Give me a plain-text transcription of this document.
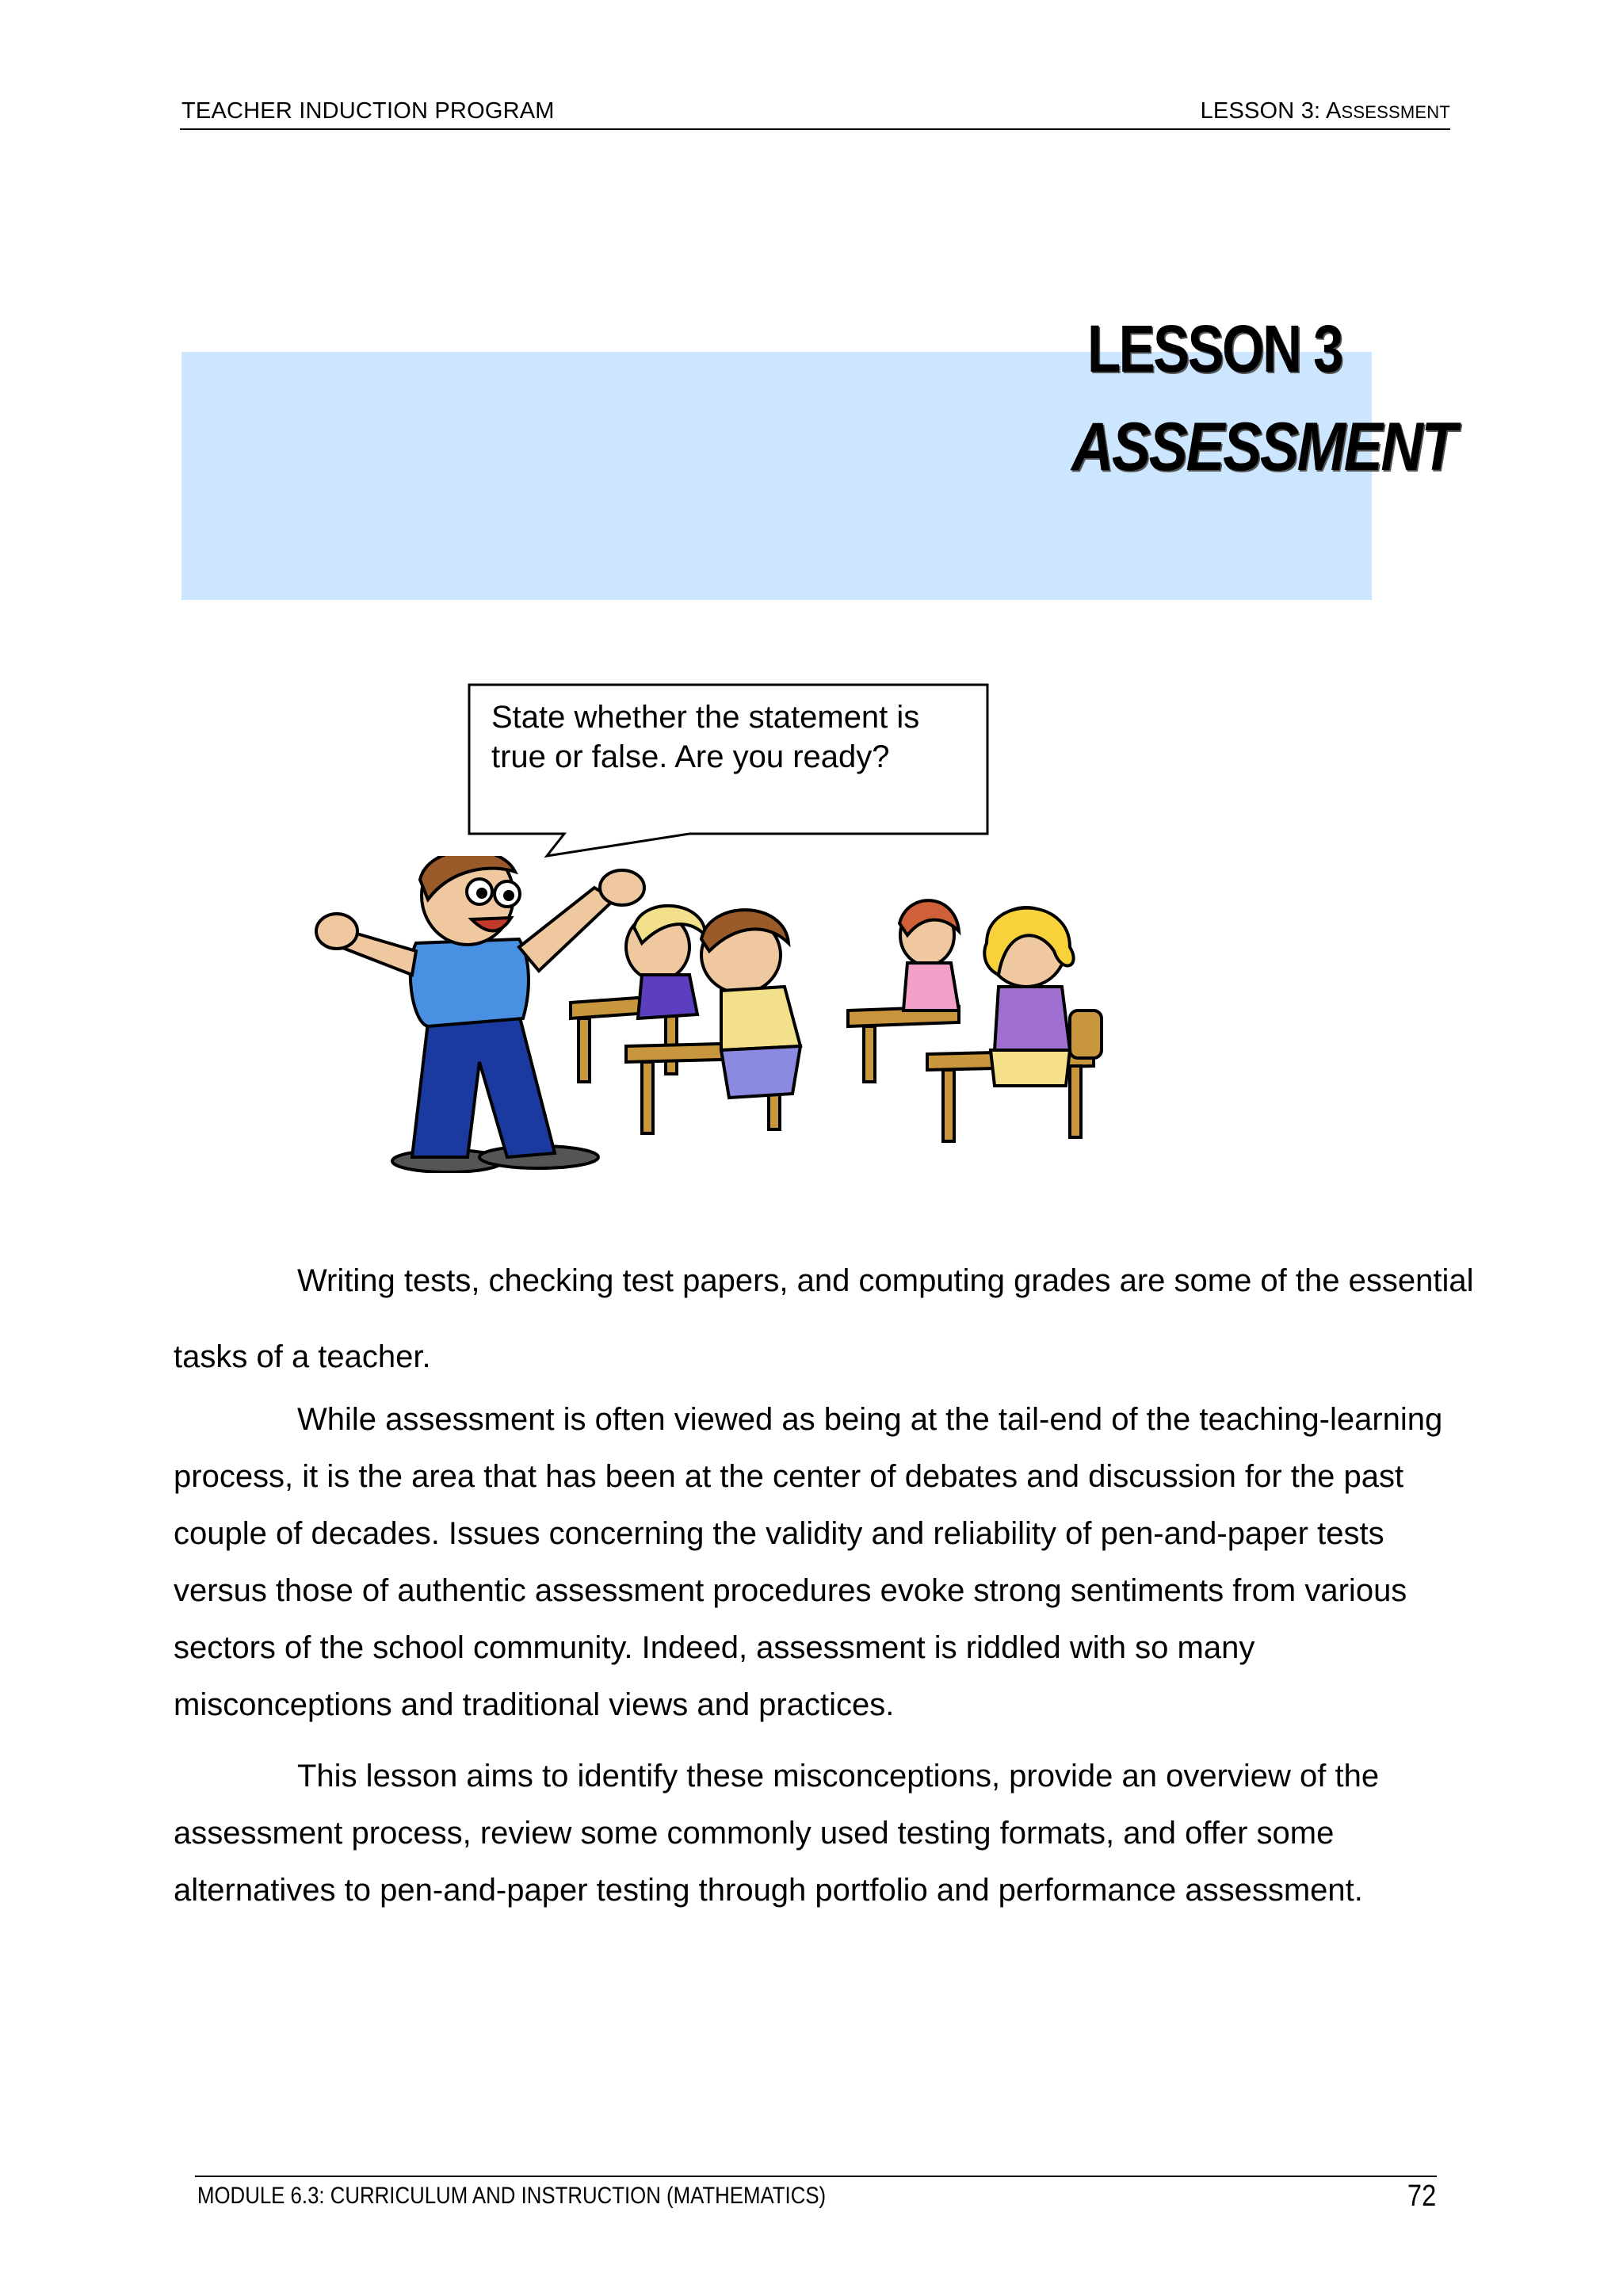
TEACHER INDUCTION PROGRAM	LESSON 3: ASSESSMENT
LESSON 3
ASSESSMENT
State whether the statement is true or false. Are you ready?

Writing tests, checking test papers, and computing grades are some of the essential tasks of a teacher.

While assessment is often viewed as being at the tail-end of the teaching-learning process, it is the area that has been at the center of debates and discussion for the past couple of decades. Issues concerning the validity and reliability of pen-and-paper tests versus those of authentic assessment procedures evoke strong sentiments from various sectors of the school community. Indeed, assessment is riddled with so many misconceptions and traditional views and practices.

This lesson aims to identify these misconceptions, provide an overview of the assessment process, review some commonly used testing formats, and offer some alternatives to pen-and-paper testing through portfolio and performance assessment.

MODULE 6.3: CURRICULUM AND INSTRUCTION (MATHEMATICS)	72
